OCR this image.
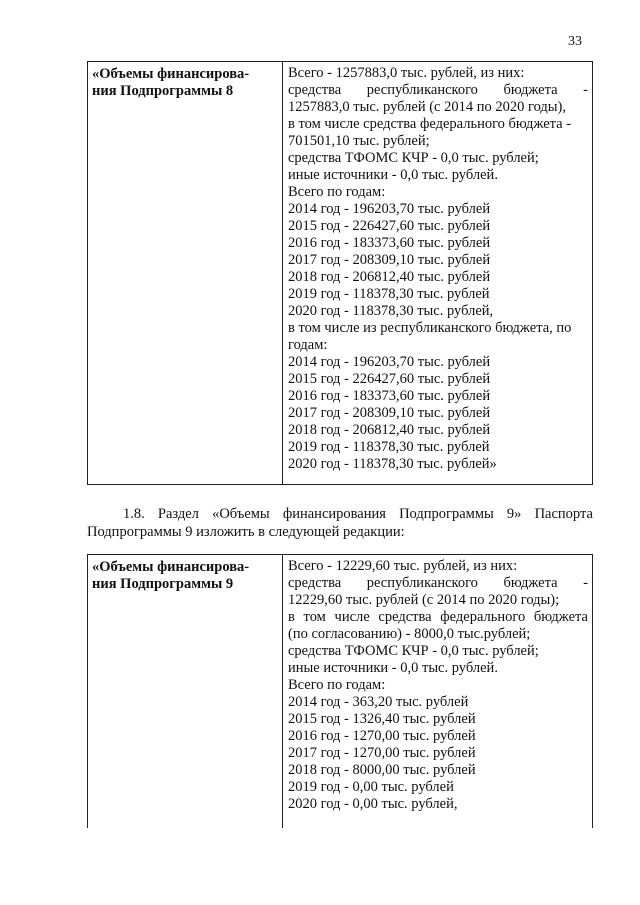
33
«Объемы финансирова-
ния Подпрограммы 8
Всего - 1257883,0 тыс. рублей, из них:
средства республиканского бюджета -
1257883,0 тыс. рублей (с 2014 по 2020 годы),
в том числе средства федерального бюджета -
701501,10 тыс. рублей;
средства ТФОМС КЧР - 0,0 тыс. рублей;
иные источники - 0,0 тыс. рублей.
Всего по годам:
2014 год - 196203,70 тыс. рублей
2015 год - 226427,60 тыс. рублей
2016 год - 183373,60 тыс. рублей
2017 год - 208309,10 тыс. рублей
2018 год - 206812,40 тыс. рублей
2019 год - 118378,30 тыс. рублей
2020 год - 118378,30 тыс. рублей,
в том числе из республиканского бюджета, по
годам:
2014 год - 196203,70 тыс. рублей
2015 год - 226427,60 тыс. рублей
2016 год - 183373,60 тыс. рублей
2017 год - 208309,10 тыс. рублей
2018 год - 206812,40 тыс. рублей
2019 год - 118378,30 тыс. рублей
2020 год - 118378,30 тыс. рублей»
1.8. Раздел «Объемы финансирования Подпрограммы 9» Паспорта
Подпрограммы 9 изложить в следующей редакции:
«Объемы финансирова-
ния Подпрограммы 9
Всего - 12229,60 тыс. рублей, из них:
средства республиканского бюджета -
12229,60 тыс. рублей (с 2014 по 2020 годы);
в том числе средства федерального бюджета
(по согласованию) - 8000,0 тыс.рублей;
средства ТФОМС КЧР - 0,0 тыс. рублей;
иные источники - 0,0 тыс. рублей.
Всего по годам:
2014 год - 363,20 тыс. рублей
2015 год - 1326,40 тыс. рублей
2016 год - 1270,00 тыс. рублей
2017 год - 1270,00 тыс. рублей
2018 год - 8000,00 тыс. рублей
2019 год - 0,00 тыс. рублей
2020 год - 0,00 тыс. рублей,
